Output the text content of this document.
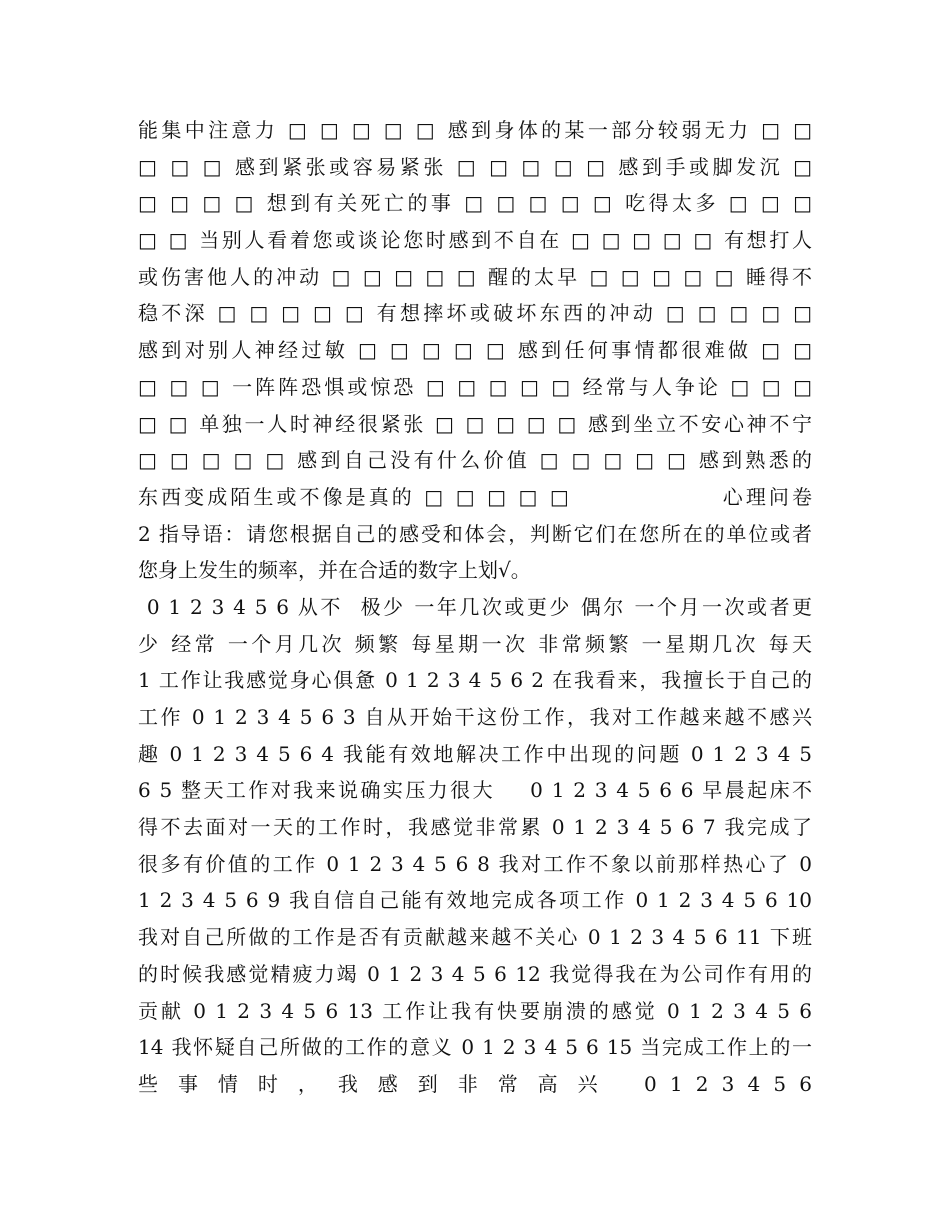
能集中注意力 □ □ □ □ □ 感到身体的某一部分较弱无力 □ □
□ □ □ 感到紧张或容易紧张 □ □ □ □ □ 感到手或脚发沉 □
□ □ □ □ 想到有关死亡的事 □ □ □ □ □ 吃得太多 □ □ □
□ □ 当别人看着您或谈论您时感到不自在 □ □ □ □ □ 有想打人
或伤害他人的冲动 □ □ □ □ □ 醒的太早 □ □ □ □ □ 睡得不
稳不深 □ □ □ □ □ 有想摔坏或破坏东西的冲动 □ □ □ □ □
感到对别人神经过敏 □ □ □ □ □ 感到任何事情都很难做 □ □
□ □ □ 一阵阵恐惧或惊恐 □ □ □ □ □ 经常与人争论 □ □ □
□ □ 单独一人时神经很紧张 □ □ □ □ □ 感到坐立不安心神不宁
□ □ □ □ □ 感到自己没有什么价值 □ □ □ □ □ 感到熟悉的
东西变成陌生或不像是真的 □ □ □ □ □                心理问卷
2 指导语：请您根据自己的感受和体会，判断它们在您所在的单位或者
您身上发生的频率，并在合适的数字上划√。
0 1 2 3 4 5 6 从不  极少 一年几次或更少 偶尔 一个月一次或者更
少 经常 一个月几次 频繁 每星期一次 非常频繁 一星期几次 每天
1 工作让我感觉身心俱惫 0 1 2 3 4 5 6 2 在我看来，我擅长于自己的
工作 0 1 2 3 4 5 6 3 自从开始干这份工作，我对工作越来越不感兴
趣 0 1 2 3 4 5 6 4 我能有效地解决工作中出现的问题 0 1 2 3 4 5
6 5 整天工作对我来说确实压力很大    0 1 2 3 4 5 6 6 早晨起床不
得不去面对一天的工作时，我感觉非常累 0 1 2 3 4 5 6 7 我完成了
很多有价值的工作 0 1 2 3 4 5 6 8 我对工作不象以前那样热心了 0
1 2 3 4 5 6 9 我自信自己能有效地完成各项工作 0 1 2 3 4 5 6 10
我对自己所做的工作是否有贡献越来越不关心 0 1 2 3 4 5 6 11 下班
的时候我感觉精疲力竭 0 1 2 3 4 5 6 12 我觉得我在为公司作有用的
贡献 0 1 2 3 4 5 6 13 工作让我有快要崩溃的感觉 0 1 2 3 4 5 6
14 我怀疑自己所做的工作的意义 0 1 2 3 4 5 6 15 当完成工作上的一
些 事 情 时 ， 我 感 到 非 常 高 兴   0 1 2 3 4 5 6
